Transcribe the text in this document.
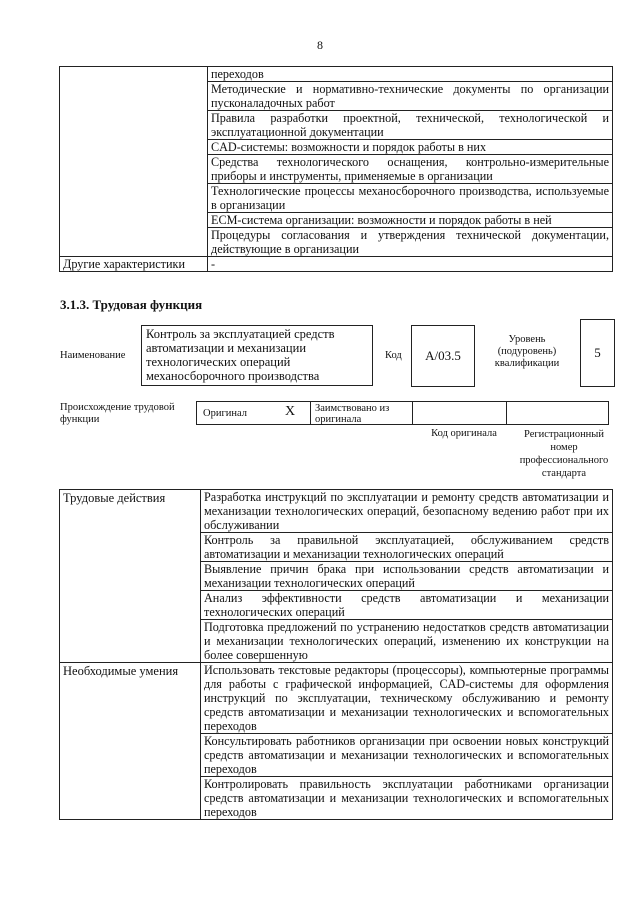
8
	переходов
	Методические и нормативно-технические документы по организации пусконаладочных работ
	Правила разработки проектной, технической, технологической и эксплуатационной документации
	CAD-системы: возможности и порядок работы в них
	Средства технологического оснащения, контрольно-измерительные приборы и инструменты, применяемые в организации
	Технологические процессы механосборочного производства, используемые в организации
	ECM-система организации: возможности и порядок работы в ней
	Процедуры согласования и утверждения технической документации, действующие в организации
Другие характеристики	-
3.1.3. Трудовая функция
Наименование
Контроль за эксплуатацией средств автоматизации и механизации технологических операций механосборочного производства
Код	A/03.5
Уровень (подуровень) квалификации
5
Происхождение трудовой функции
Оригинал	X	Заимствовано из оригинала
Код оригинала	Регистрационный номер профессионального стандарта
Трудовые действия	Разработка инструкций по эксплуатации и ремонту средств автоматизации и механизации технологических операций, безопасному ведению работ при их обслуживании
	Контроль за правильной эксплуатацией, обслуживанием средств автоматизации и механизации технологических операций
	Выявление причин брака при использовании средств автоматизации и механизации технологических операций
	Анализ эффективности средств автоматизации и механизации технологических операций
	Подготовка предложений по устранению недостатков средств автоматизации и механизации технологических операций, изменению их конструкции на более совершенную
Необходимые умения	Использовать текстовые редакторы (процессоры), компьютерные программы для работы с графической информацией, CAD-системы для оформления инструкций по эксплуатации, техническому обслуживанию и ремонту средств автоматизации и механизации технологических и вспомогательных переходов
	Консультировать работников организации при освоении новых конструкций средств автоматизации и механизации технологических и вспомогательных переходов
	Контролировать правильность эксплуатации работниками организации средств автоматизации и механизации технологических и вспомогательных переходов
